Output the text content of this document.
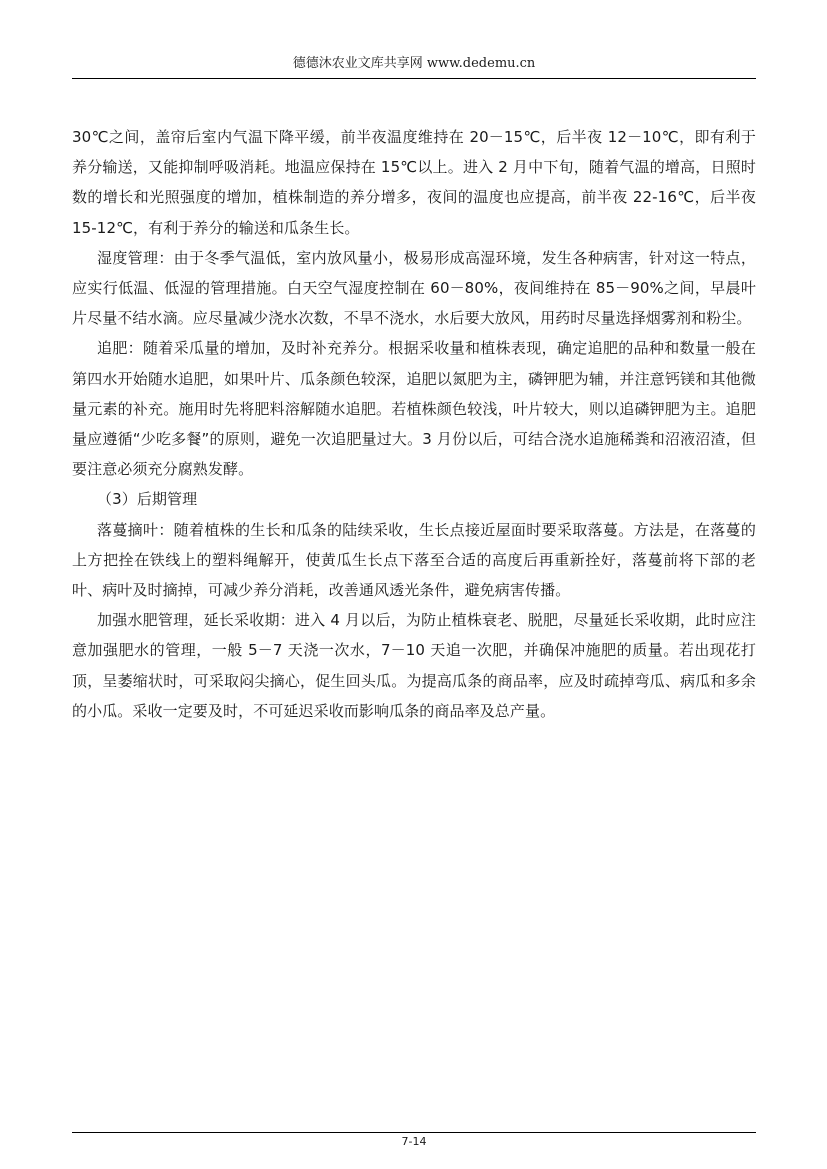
德德沐农业文库共享网 www.dedemu.cn

30℃之间，盖帘后室内气温下降平缓，前半夜温度维持在 20－15℃，后半夜 12－10℃，即有利于养分输送，又能抑制呼吸消耗。地温应保持在 15℃以上。进入 2 月中下旬，随着气温的增高，日照时数的增长和光照强度的增加，植株制造的养分增多，夜间的温度也应提高，前半夜 22-16℃，后半夜 15-12℃，有利于养分的输送和瓜条生长。

湿度管理：由于冬季气温低，室内放风量小，极易形成高湿环境，发生各种病害，针对这一特点，应实行低温、低湿的管理措施。白天空气湿度控制在 60－80%，夜间维持在 85－90%之间，早晨叶片尽量不结水滴。应尽量减少浇水次数，不旱不浇水，水后要大放风，用药时尽量选择烟雾剂和粉尘。

追肥：随着采瓜量的增加，及时补充养分。根据采收量和植株表现，确定追肥的品种和数量一般在第四水开始随水追肥，如果叶片、瓜条颜色较深，追肥以氮肥为主，磷钾肥为辅，并注意钙镁和其他微量元素的补充。施用时先将肥料溶解随水追肥。若植株颜色较浅，叶片较大，则以追磷钾肥为主。追肥量应遵循“少吃多餐”的原则，避免一次追肥量过大。3 月份以后，可结合浇水追施稀粪和沼液沼渣，但要注意必须充分腐熟发酵。

（3）后期管理

落蔓摘叶：随着植株的生长和瓜条的陆续采收，生长点接近屋面时要采取落蔓。方法是，在落蔓的上方把拴在铁线上的塑料绳解开，使黄瓜生长点下落至合适的高度后再重新拴好，落蔓前将下部的老叶、病叶及时摘掉，可减少养分消耗，改善通风透光条件，避免病害传播。

加强水肥管理，延长采收期：进入 4 月以后，为防止植株衰老、脱肥，尽量延长采收期，此时应注意加强肥水的管理，一般 5－7 天浇一次水，7－10 天追一次肥，并确保冲施肥的质量。若出现花打顶，呈萎缩状时，可采取闷尖摘心，促生回头瓜。为提高瓜条的商品率，应及时疏掉弯瓜、病瓜和多余的小瓜。采收一定要及时，不可延迟采收而影响瓜条的商品率及总产量。

7-14
